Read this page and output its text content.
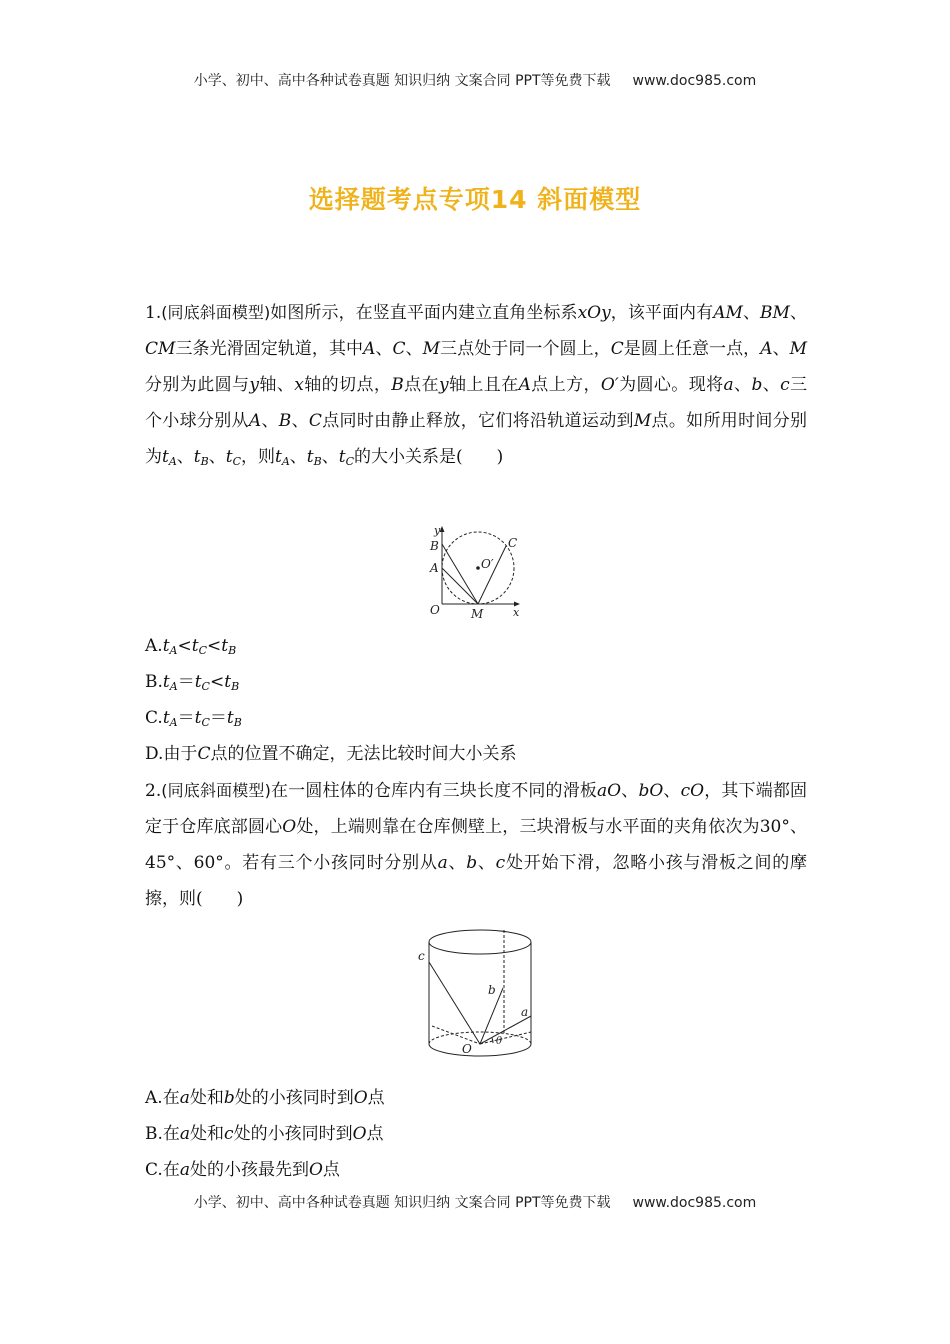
小学、初中、高中各种试卷真题 知识归纳 文案合同 PPT等免费下载 www.doc985.com
选择题考点专项14 斜面模型
1.(同底斜面模型)如图所示，在竖直平面内建立直角坐标系xOy，该平面内有AM、BM、CM三条光滑固定轨道，其中A、C、M三点处于同一个圆上，C是圆上任意一点，A、M分别为此圆与y轴、x轴的切点，B点在y轴上且在A点上方，O′为圆心。现将a、b、c三个小球分别从A、B、C点同时由静止释放，它们将沿轨道运动到M点。如所用时间分别为$t_A$、$t_B$、$t_C$，则$t_A$、$t_B$、$t_C$的大小关系是(　　)
y
B
A
C
O′
O	M	x
$A.t_A<t_C<t_B$
$B.t_A=t_C<t_B$
$C.t_A=t_C=t_B$
D.由于C点的位置不确定，无法比较时间大小关系
2.(同底斜面模型)在一圆柱体的仓库内有三块长度不同的滑板aO、bO、cO，其下端都固定于仓库底部圆心O处，上端则靠在仓库侧壁上，三块滑板与水平面的夹角依次为30°、45°、60°。若有三个小孩同时分别从a、b、c处开始下滑，忽略小孩与滑板之间的摩擦，则(　　)
c
b
a
O
θ
A.在a处和b处的小孩同时到O点
B.在a处和c处的小孩同时到O点
C.在a处的小孩最先到O点
小学、初中、高中各种试卷真题 知识归纳 文案合同 PPT等免费下载 www.doc985.com
